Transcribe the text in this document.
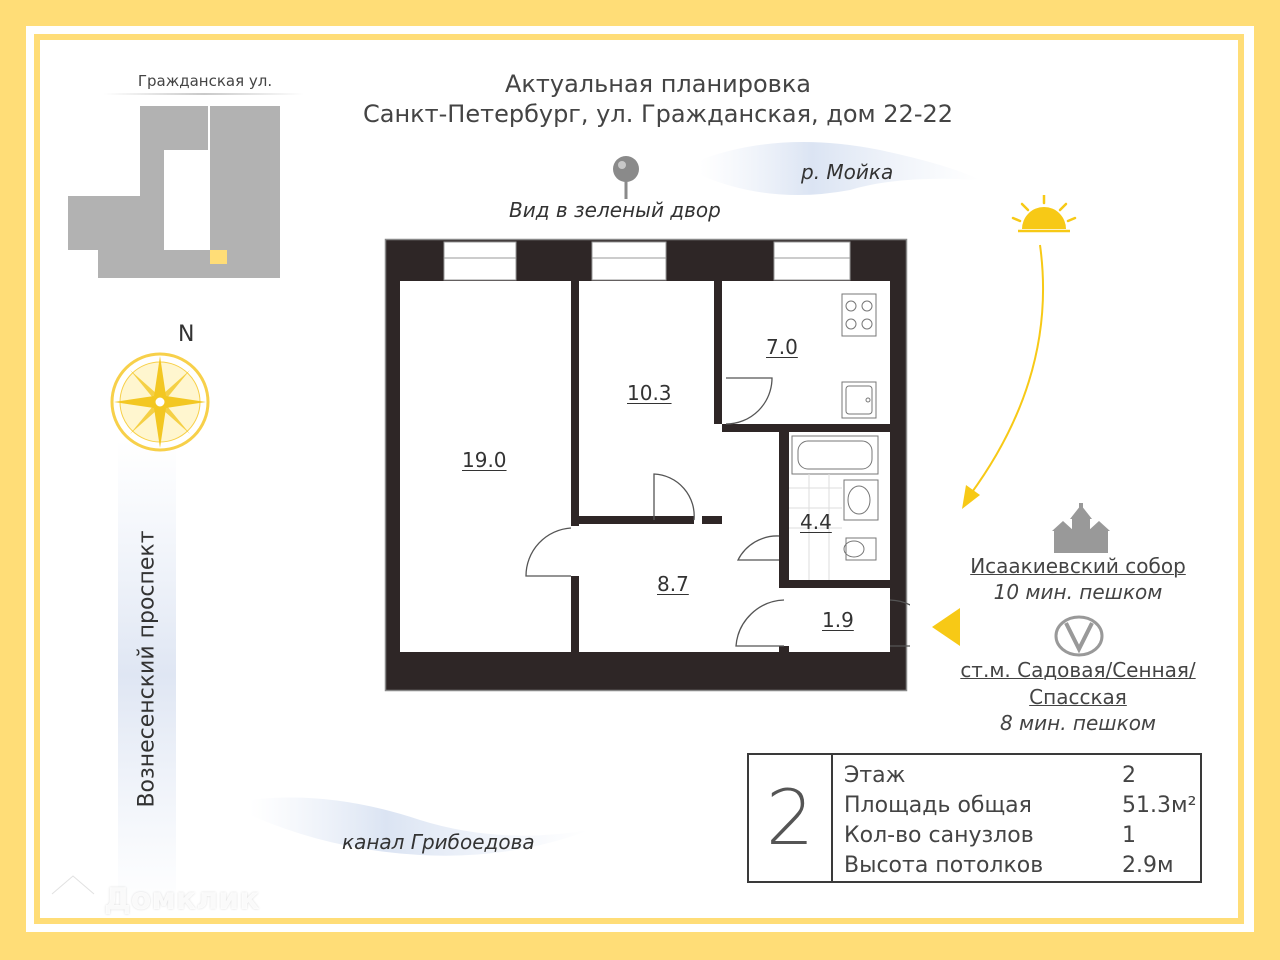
Актуальная планировка
Санкт-Петербург, ул. Гражданская, дом 22-22
Вид в зеленый двор
р. Мойка
Гражданская ул.
N
Вознесенский проспект
канал Грибоедова
19.0
10.3
7.0
8.7
4.4
1.9
Исаакиевский собор
10 мин. пешком
ст.м. Садовая/Сенная/
Спасская
8 мин. пешком
2	Этаж	2
Площадь общая	51.3м²
Кол-во санузлов	1
Высота потолков	2.9м
Домклик
